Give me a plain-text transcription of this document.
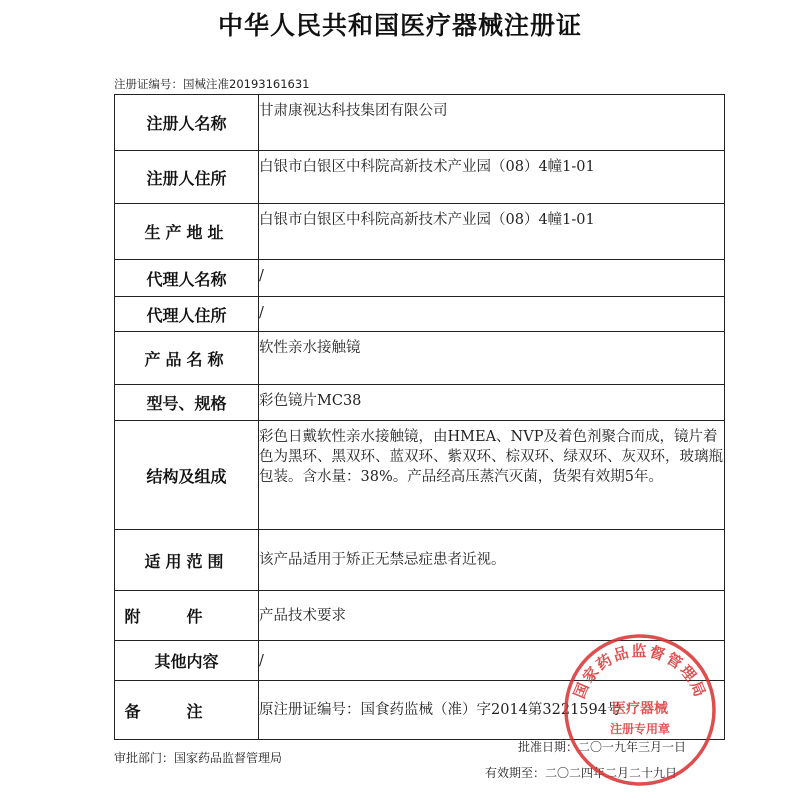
中华人民共和国医疗器械注册证
注册证编号：国械注准20193161631
注册人名称	甘肃康视达科技集团有限公司
注册人住所	白银市白银区中科院高新技术产业园（08）4幢1-01
生产地址	白银市白银区中科院高新技术产业园（08）4幢1-01
代理人名称	/
代理人住所	/
产品名称	软性亲水接触镜
型号、规格	彩色镜片MC38
结构及组成	彩色日戴软性亲水接触镜，由HMEA、NVP及着色剂聚合而成，镜片着色为黑环、黑双环、蓝双环、紫双环、棕双环、绿双环、灰双环，玻璃瓶包装。含水量：38%。产品经高压蒸汽灭菌，货架有效期5年。
适用范围	该产品适用于矫正无禁忌症患者近视。
附件	产品技术要求
其他内容	/
备注	原注册证编号：国食药监械（准）字2014第3221594号
审批部门：国家药品监督管理局
批准日期：二〇一九年三月一日
有效期至：二〇二四年二月二十九日
国家药品监督管理局
医疗器械
注册专用章
